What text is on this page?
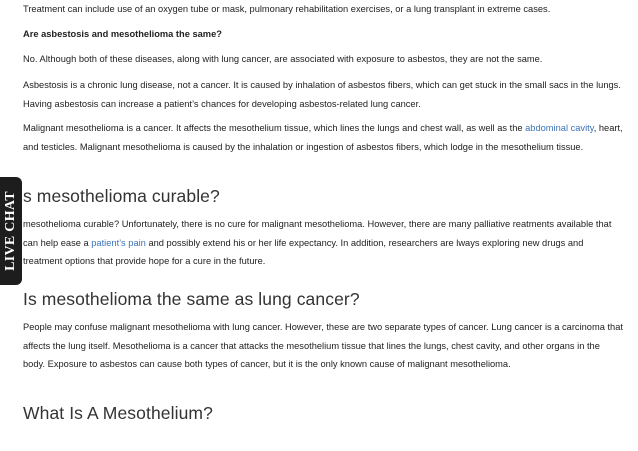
Treatment can include use of an oxygen tube or mask, pulmonary rehabilitation exercises, or a lung transplant in extreme cases.

Are asbestosis and mesothelioma the same?

No. Although both of these diseases, along with lung cancer, are associated with exposure to asbestos, they are not the same.

Asbestosis is a chronic lung disease, not a cancer. It is caused by inhalation of asbestos fibers, which can get stuck in the small sacs in the lungs. Having asbestosis can increase a patient’s chances for developing asbestos-related lung cancer.

Malignant mesothelioma is a cancer. It affects the mesothelium tissue, which lines the lungs and chest wall, as well as the abdominal cavity, heart, and testicles. Malignant mesothelioma is caused by the inhalation or ingestion of asbestos fibers, which lodge in the mesothelium tissue.

s mesothelioma curable?

mesothelioma curable? Unfortunately, there is no cure for malignant mesothelioma. However, there are many palliative reatments available that can help ease a patient’s pain and possibly extend his or her life expectancy. In addition, researchers are lways exploring new drugs and treatment options that provide hope for a cure in the future.

Is mesothelioma the same as lung cancer?

People may confuse malignant mesothelioma with lung cancer. However, these are two separate types of cancer. Lung cancer is a carcinoma that affects the lung itself. Mesothelioma is a cancer that attacks the mesothelium tissue that lines the lungs, chest cavity, and other organs in the body. Exposure to asbestos can cause both types of cancer, but it is the only known cause of malignant mesothelioma.

What Is A Mesothelium?
LIVE CHAT
